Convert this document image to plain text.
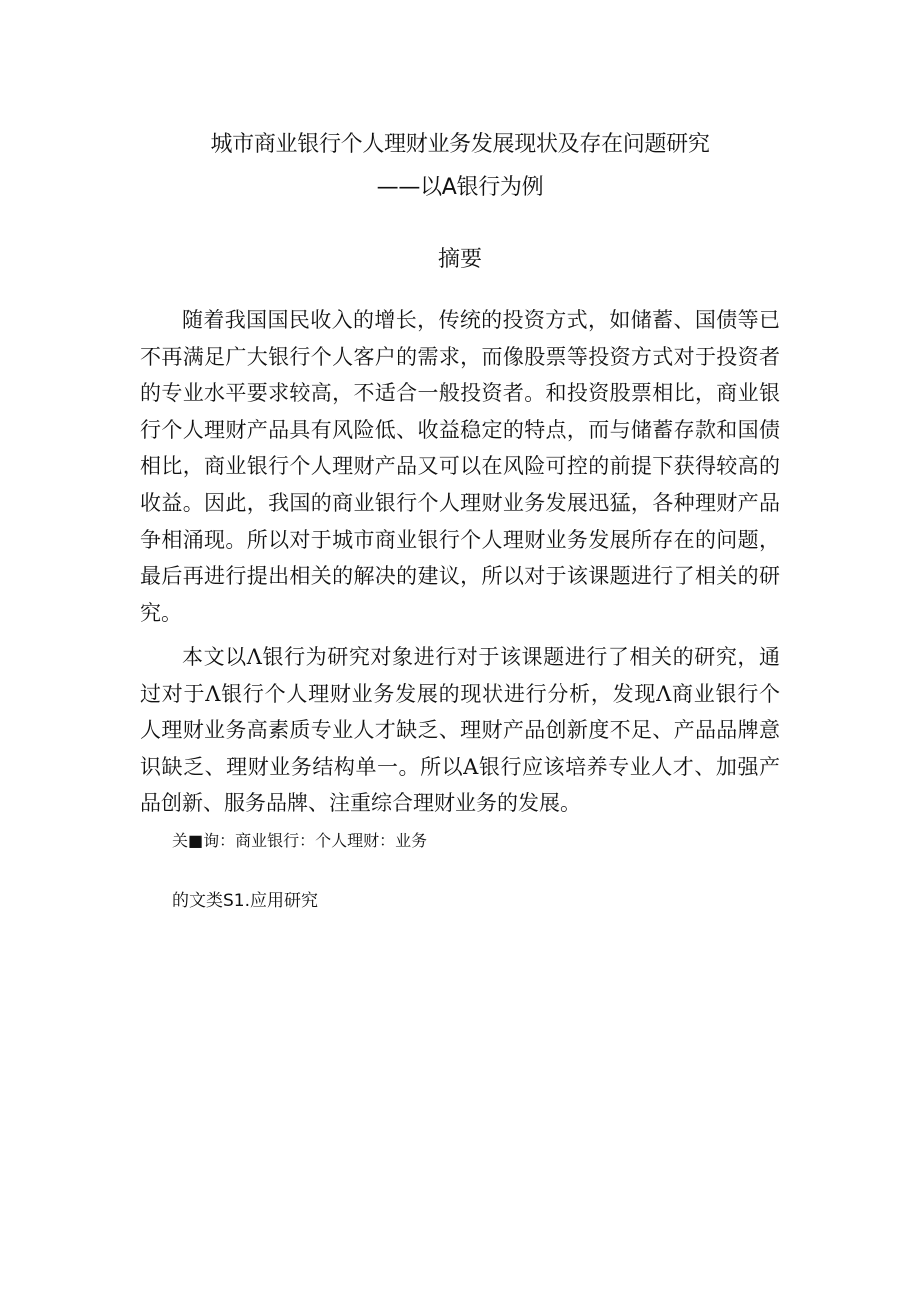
城市商业银行个人理财业务发展现状及存在问题研究
——以A银行为例
摘要
随着我国国民收入的增长，传统的投资方式，如储蓄、国债等已
不再满足广大银行个人客户的需求，而像股票等投资方式对于投资者
的专业水平要求较高，不适合一般投资者。和投资股票相比，商业银
行个人理财产品具有风险低、收益稳定的特点，而与储蓄存款和国债
相比，商业银行个人理财产品又可以在风险可控的前提下获得较高的
收益。因此，我国的商业银行个人理财业务发展迅猛，各种理财产品
争相涌现。所以对于城市商业银行个人理财业务发展所存在的问题，
最后再进行提出相关的解决的建议，所以对于该课题进行了相关的研
究。
本文以Λ银行为研究对象进行对于该课题进行了相关的研究，通
过对于Λ银行个人理财业务发展的现状进行分析，发现Λ商业银行个
人理财业务高素质专业人才缺乏、理财产品创新度不足、产品品牌意
识缺乏、理财业务结构单一。所以A银行应该培养专业人才、加强产
品创新、服务品牌、注重综合理财业务的发展。
关■询：商业银行：个人理财：业务
的文类S1.应用研究
